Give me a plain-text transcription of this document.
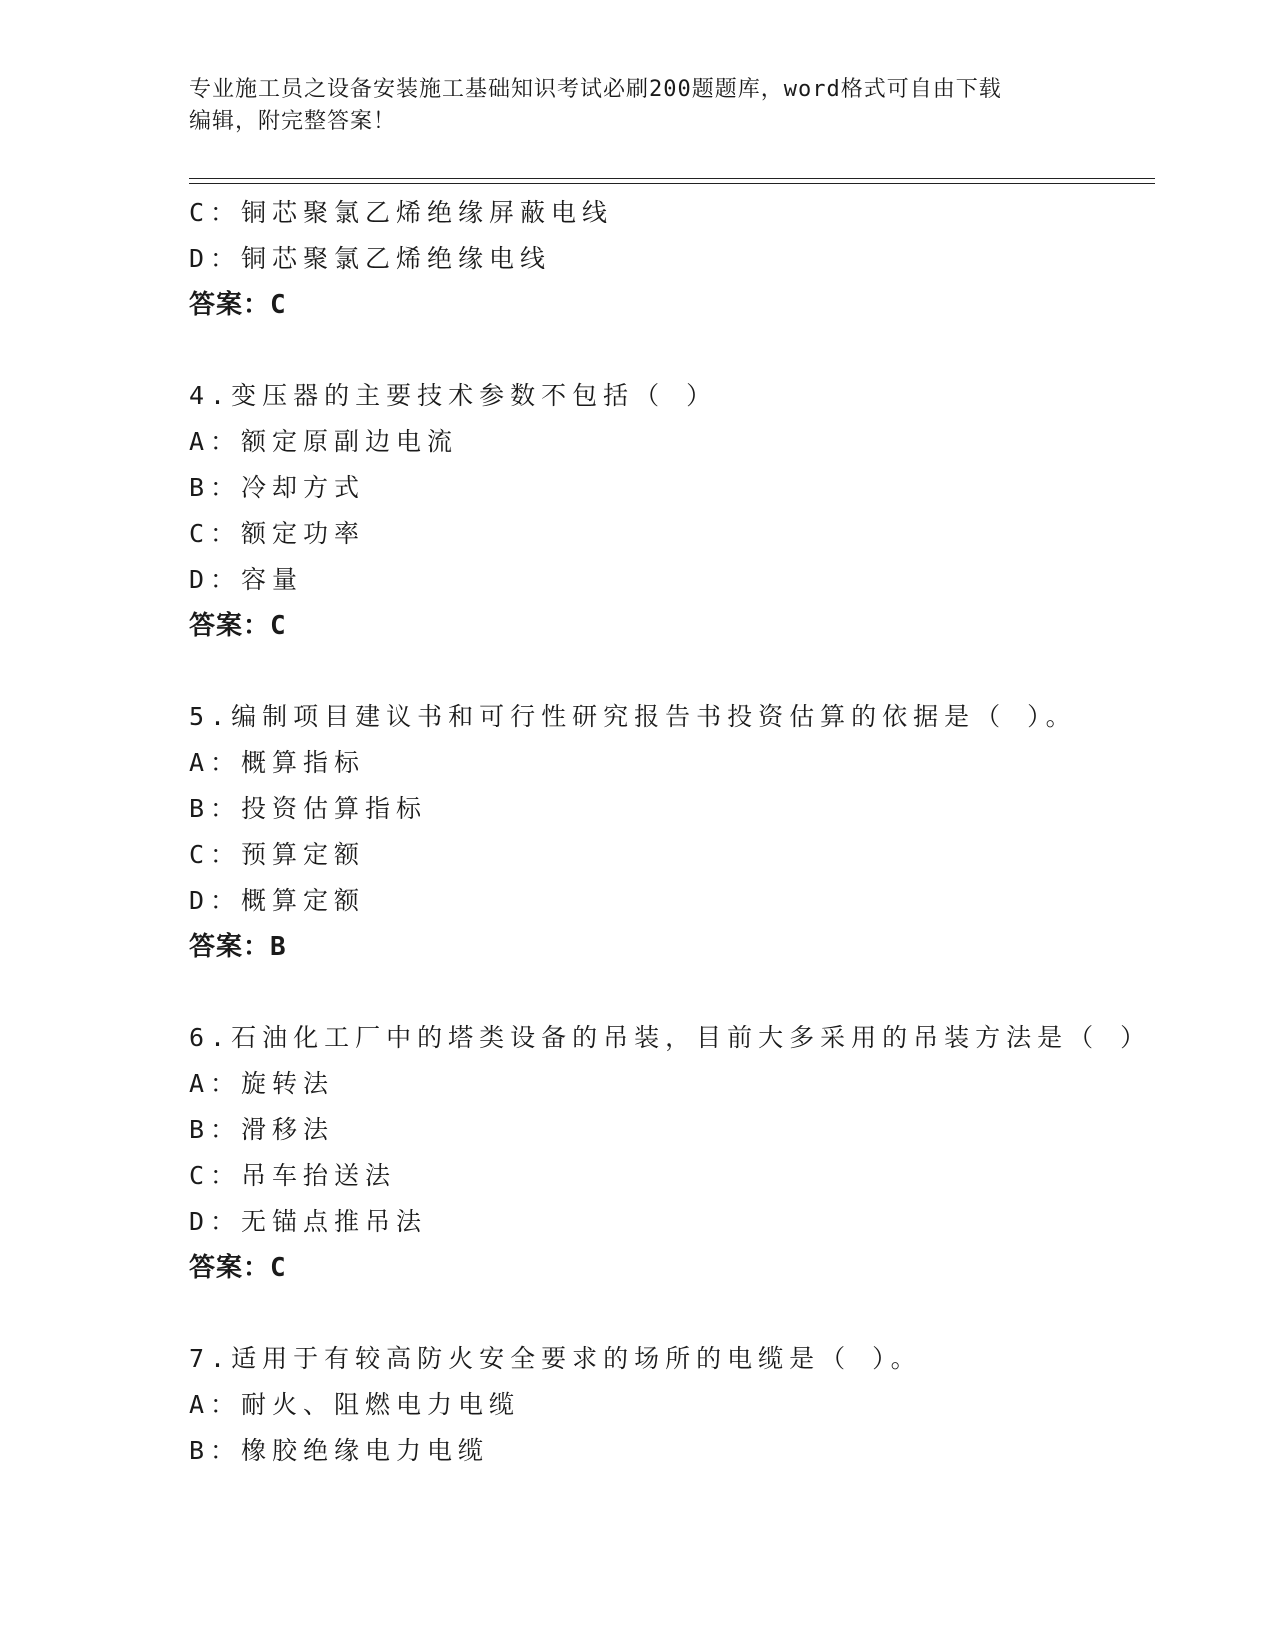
专业施工员之设备安装施工基础知识考试必刷200题题库，word格式可自由下载
编辑，附完整答案！
C：铜芯聚氯乙烯绝缘屏蔽电线
D：铜芯聚氯乙烯绝缘电线
答案：C
4.变压器的主要技术参数不包括（ ）
A：额定原副边电流
B：冷却方式
C：额定功率
D：容量
答案：C
5.编制项目建议书和可行性研究报告书投资估算的依据是（ ）。
A：概算指标
B：投资估算指标
C：预算定额
D：概算定额
答案：B
6.石油化工厂中的塔类设备的吊装，目前大多采用的吊装方法是（ ）
A：旋转法
B：滑移法
C：吊车抬送法
D：无锚点推吊法
答案：C
7.适用于有较高防火安全要求的场所的电缆是（ ）。
A：耐火、阻燃电力电缆
B：橡胶绝缘电力电缆
